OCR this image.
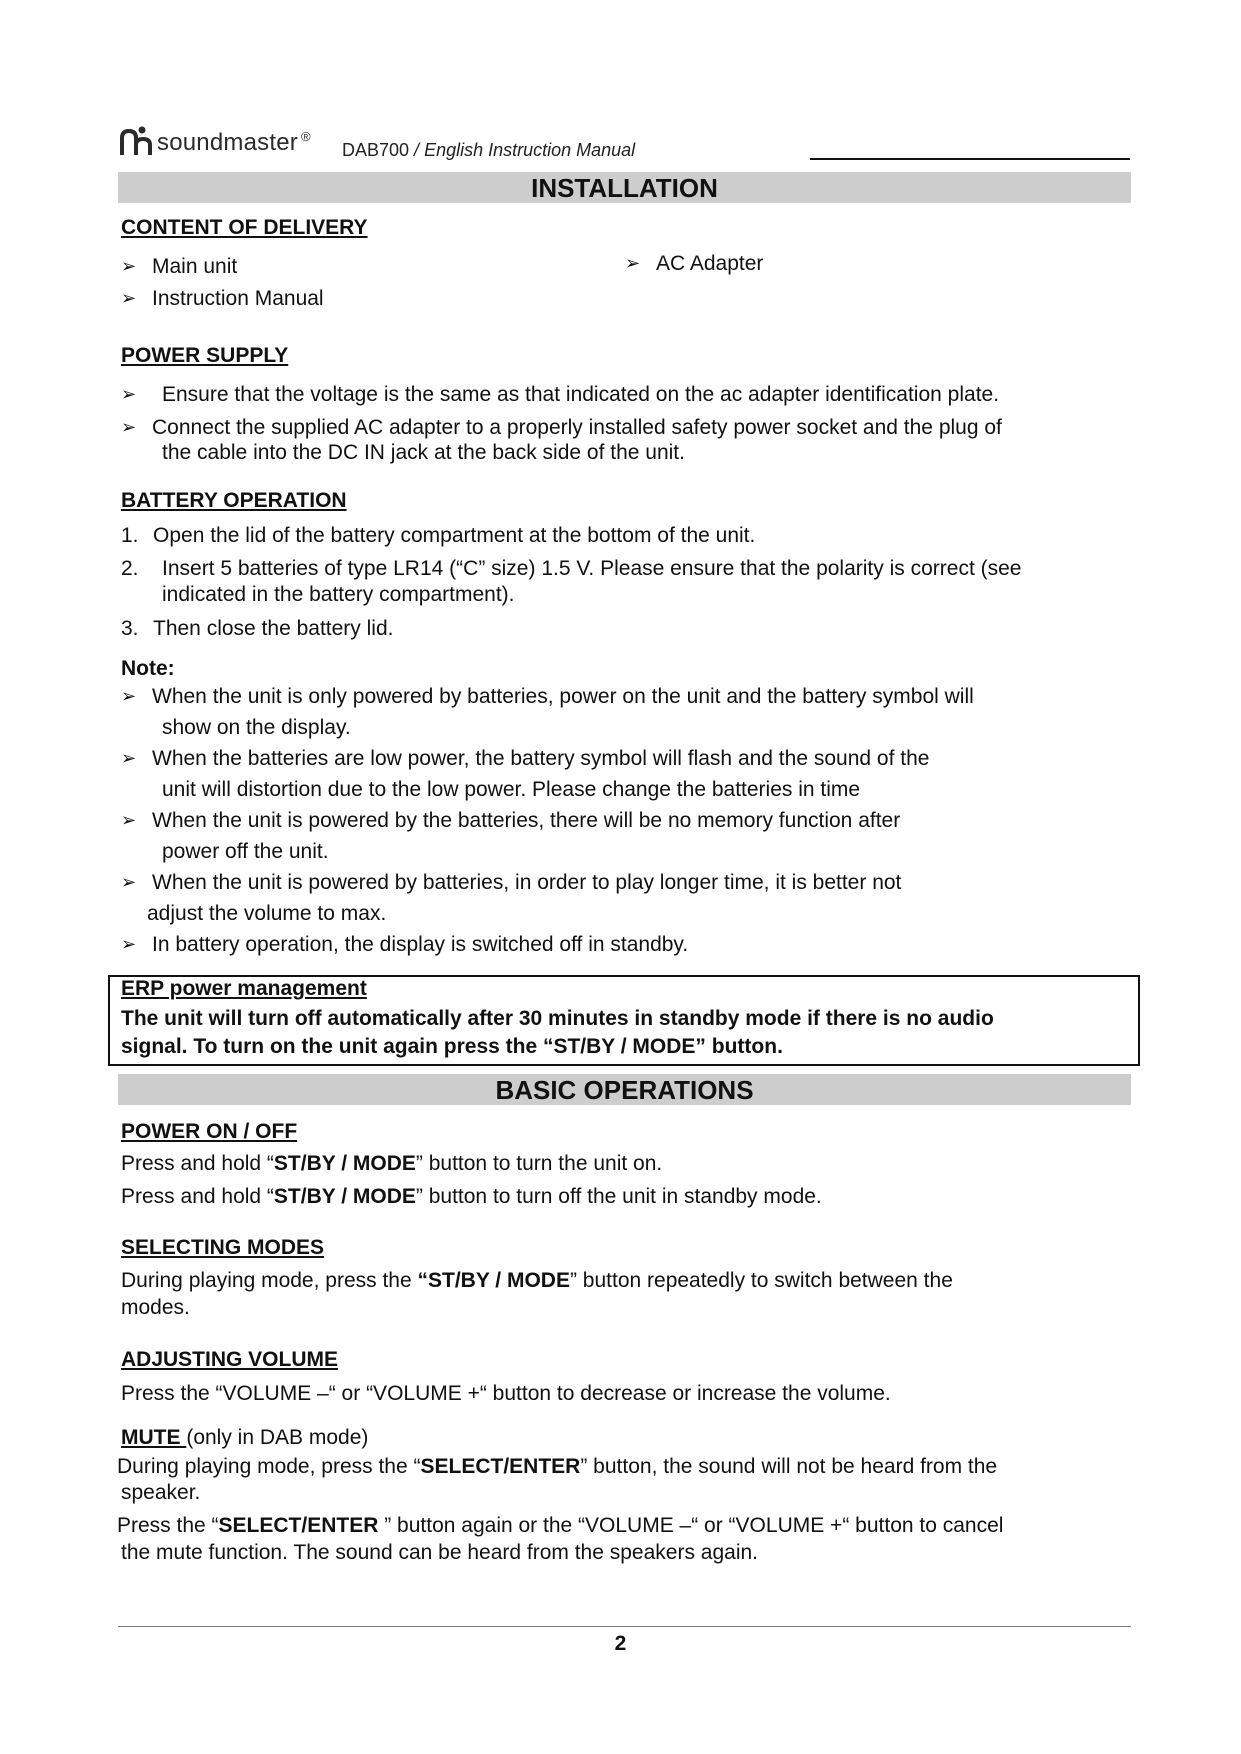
soundmaster ®
DAB700 / English Instruction Manual
INSTALLATION
CONTENT OF DELIVERY
➢ Main unit
➢ Instruction Manual
➢ AC Adapter
POWER SUPPLY
➢ Ensure that the voltage is the same as that indicated on the ac adapter identification plate.
➢ Connect the supplied AC adapter to a properly installed safety power socket and the plug of
the cable into the DC IN jack at the back side of the unit.
BATTERY OPERATION
1. Open the lid of the battery compartment at the bottom of the unit.
2. Insert 5 batteries of type LR14 (“C” size) 1.5 V. Please ensure that the polarity is correct (see
indicated in the battery compartment).
3. Then close the battery lid.
Note:
➢ When the unit is only powered by batteries, power on the unit and the battery symbol will
show on the display.
➢ When the batteries are low power, the battery symbol will flash and the sound of the
unit will distortion due to the low power. Please change the batteries in time
➢ When the unit is powered by the batteries, there will be no memory function after
power off the unit.
➢ When the unit is powered by batteries, in order to play longer time, it is better not
adjust the volume to max.
➢ In battery operation, the display is switched off in standby.
ERP power management
The unit will turn off automatically after 30 minutes in standby mode if there is no audio
signal. To turn on the unit again press the “ST/BY / MODE” button.
BASIC OPERATIONS
POWER ON / OFF
Press and hold “ST/BY / MODE” button to turn the unit on.
Press and hold “ST/BY / MODE” button to turn off the unit in standby mode.
SELECTING MODES
During playing mode, press the “ST/BY / MODE” button repeatedly to switch between the
modes.
ADJUSTING VOLUME
Press the “VOLUME –“ or “VOLUME +“ button to decrease or increase the volume.
MUTE (only in DAB mode)
During playing mode, press the “SELECT/ENTER” button, the sound will not be heard from the
speaker.
Press the “SELECT/ENTER ” button again or the “VOLUME –“ or “VOLUME +“ button to cancel
the mute function. The sound can be heard from the speakers again.
2
